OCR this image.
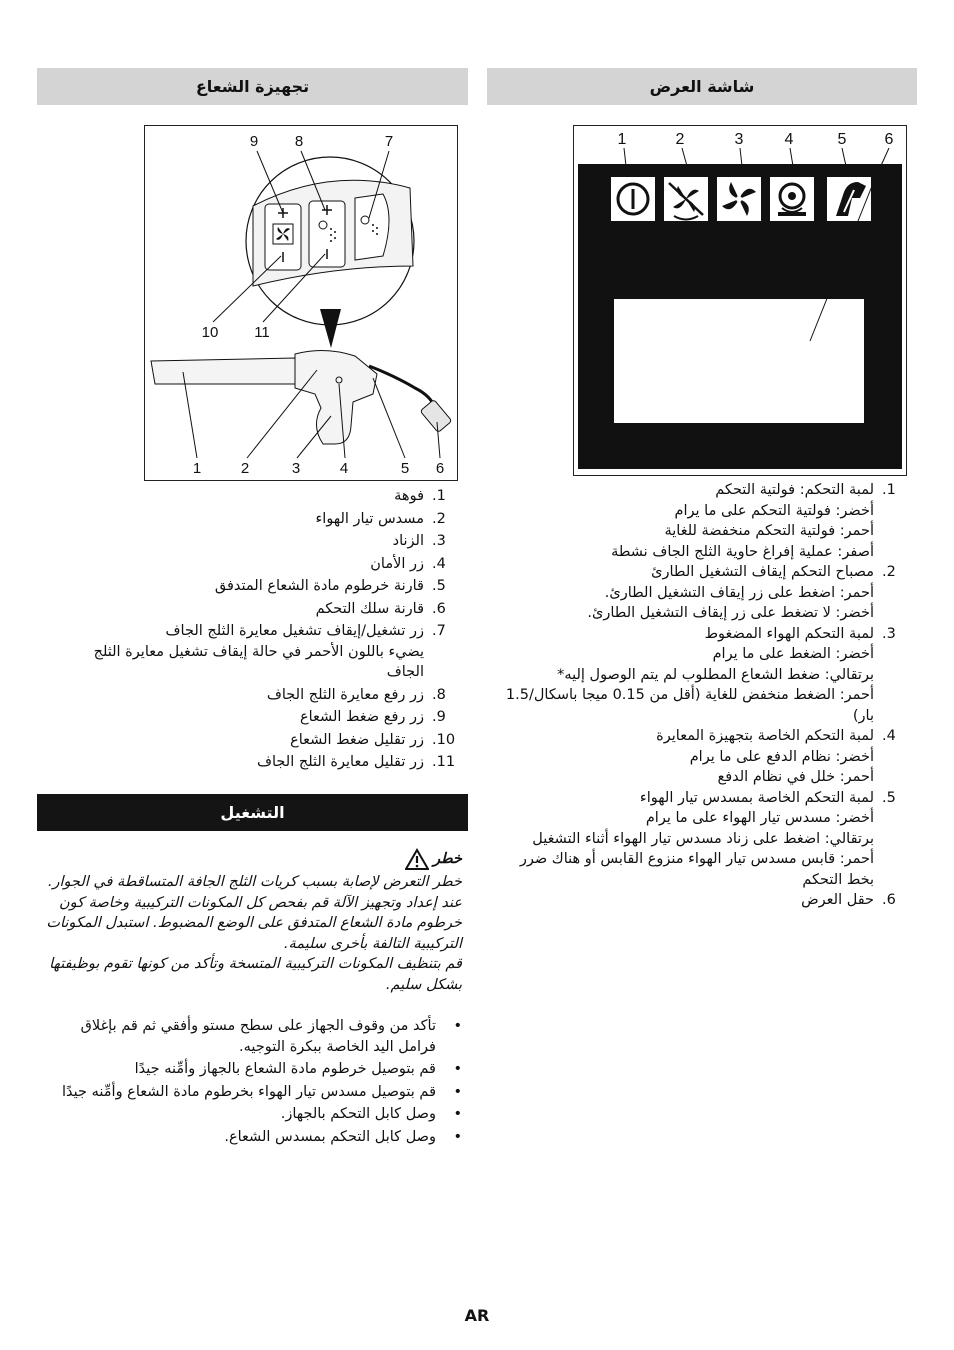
شاشة العرض
تجهيزة الشعاع
1	2	3	4	5 6
9 8	7
10 11
1	2	3	4	5 6
.1
لمبة التحكم: فولتية التحكم
أخضر: فولتية التحكم على ما يرام
أحمر: فولتية التحكم منخفضة للغاية
أصفر: عملية إفراغ حاوية الثلج الجاف نشطة
.2
مصباح التحكم إيقاف التشغيل الطارئ
أحمر: اضغط على زر إيقاف التشغيل الطارئ.
أخضر: لا تضغط على زر إيقاف التشغيل الطارئ.
.3
لمبة التحكم الهواء المضغوط
أخضر: الضغط على ما يرام
برتقالي: ضغط الشعاع المطلوب لم يتم الوصول إليه*
أحمر: الضغط منخفض للغاية (أقل من 0.15 ميجا باسكال/1.5 بار)
.4
لمبة التحكم الخاصة بتجهيزة المعايرة
أخضر: نظام الدفع على ما يرام
أحمر: خلل في نظام الدفع
.5
لمبة التحكم الخاصة بمسدس تيار الهواء
أخضر: مسدس تيار الهواء على ما يرام
برتقالي: اضغط على زناد مسدس تيار الهواء أثناء التشغيل
أحمر: قابس مسدس تيار الهواء منزوع القابس أو هناك ضرر بخط التحكم
.6
حقل العرض
.1
فوهة
.2
مسدس تيار الهواء
.3
الزناد
.4
زر الأمان
.5
قارنة خرطوم مادة الشعاع المتدفق
.6
قارنة سلك التحكم
.7
زر تشغيل/إيقاف تشغيل معايرة الثلج الجاف
يضيء باللون الأحمر في حالة إيقاف تشغيل معايرة الثلج الجاف
.8
زر رفع معايرة الثلج الجاف
.9
زر رفع ضغط الشعاع
.10
زر تقليل ضغط الشعاع
.11
زر تقليل معايرة الثلج الجاف
التشغيل
خطر
خطر التعرض لإصابة بسبب كريات الثلج الجافة المتساقطة في الجوار.
عند إعداد وتجهيز الآلة قم بفحص كل المكونات التركيبية وخاصة كون خرطوم مادة الشعاع المتدفق على الوضع المضبوط. استبدل المكونات التركيبية التالفة بأخرى سليمة.
قم بتنظيف المكونات التركيبية المتسخة وتأكد من كونها تقوم بوظيفتها بشكل سليم.
•
تأكد من وقوف الجهاز على سطح مستو وأفقي ثم قم بإغلاق فرامل اليد الخاصة ببكرة التوجيه.
•
قم بتوصيل خرطوم مادة الشعاع بالجهاز وأمِّنه جيدًا
•
قم بتوصيل مسدس تيار الهواء بخرطوم مادة الشعاع وأمِّنه جيدًا
•
وصل كابل التحكم بالجهاز.
•
وصل كابل التحكم بمسدس الشعاع.
AR
